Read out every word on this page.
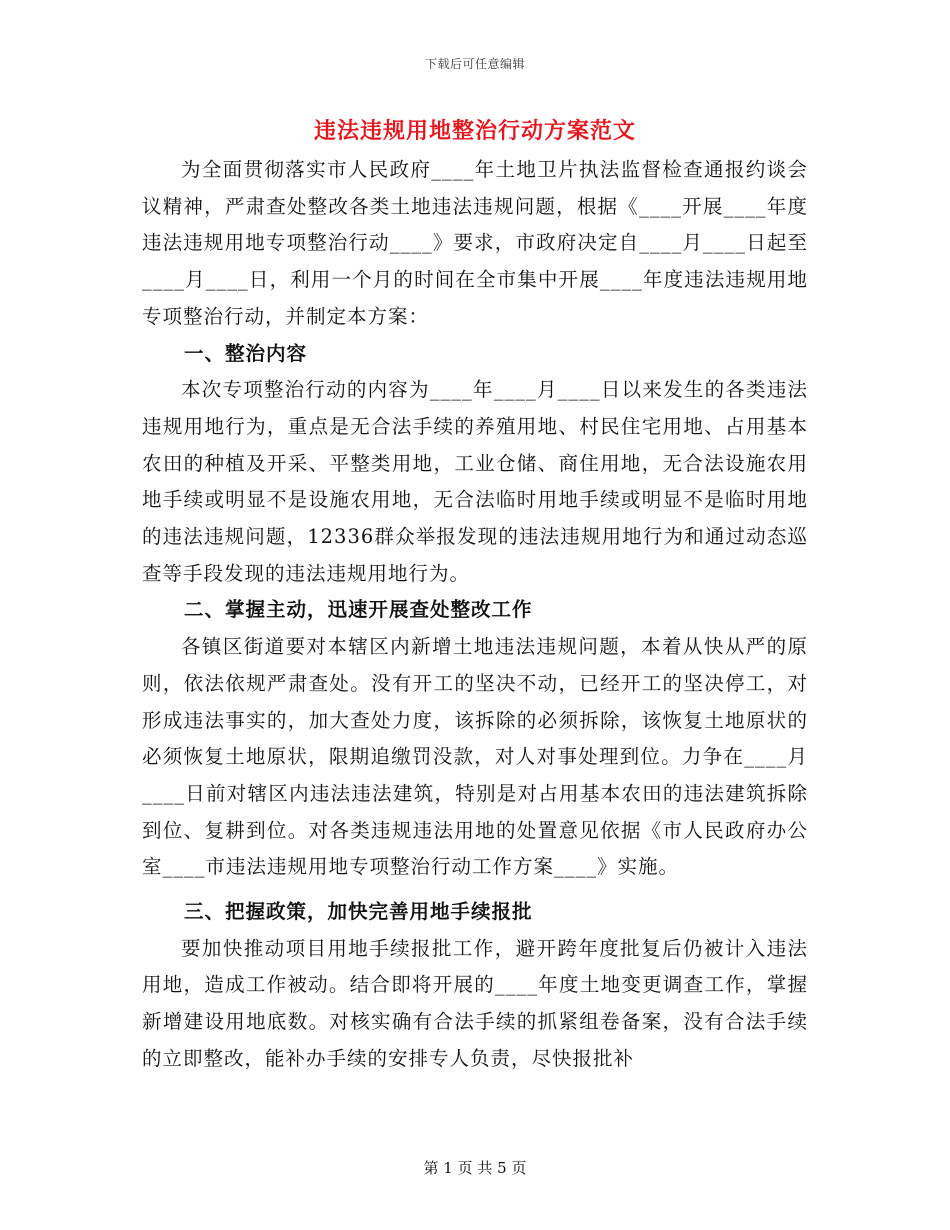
下载后可任意编辑
违法违规用地整治行动方案范文

为全面贯彻落实市人民政府____年土地卫片执法监督检查通报约谈会议精神，严肃查处整改各类土地违法违规问题，根据《____开展____年度违法违规用地专项整治行动____》要求，市政府决定自____月____日起至____月____日，利用一个月的时间在全市集中开展____年度违法违规用地专项整治行动，并制定本方案：

一、整治内容

本次专项整治行动的内容为____年____月____日以来发生的各类违法违规用地行为，重点是无合法手续的养殖用地、村民住宅用地、占用基本农田的种植及开采、平整类用地，工业仓储、商住用地，无合法设施农用地手续或明显不是设施农用地，无合法临时用地手续或明显不是临时用地的违法违规问题，12336群众举报发现的违法违规用地行为和通过动态巡查等手段发现的违法违规用地行为。

二、掌握主动，迅速开展查处整改工作

各镇区街道要对本辖区内新增土地违法违规问题，本着从快从严的原则，依法依规严肃查处。没有开工的坚决不动，已经开工的坚决停工，对形成违法事实的，加大查处力度，该拆除的必须拆除，该恢复土地原状的必须恢复土地原状，限期追缴罚没款，对人对事处理到位。力争在____月____日前对辖区内违法违法建筑，特别是对占用基本农田的违法建筑拆除到位、复耕到位。对各类违规违法用地的处置意见依据《市人民政府办公室____市违法违规用地专项整治行动工作方案____》实施。

三、把握政策，加快完善用地手续报批

要加快推动项目用地手续报批工作，避开跨年度批复后仍被计入违法用地，造成工作被动。结合即将开展的____年度土地变更调查工作，掌握新增建设用地底数。对核实确有合法手续的抓紧组卷备案，没有合法手续的立即整改，能补办手续的安排专人负责，尽快报批补

第 1 页 共 5 页
